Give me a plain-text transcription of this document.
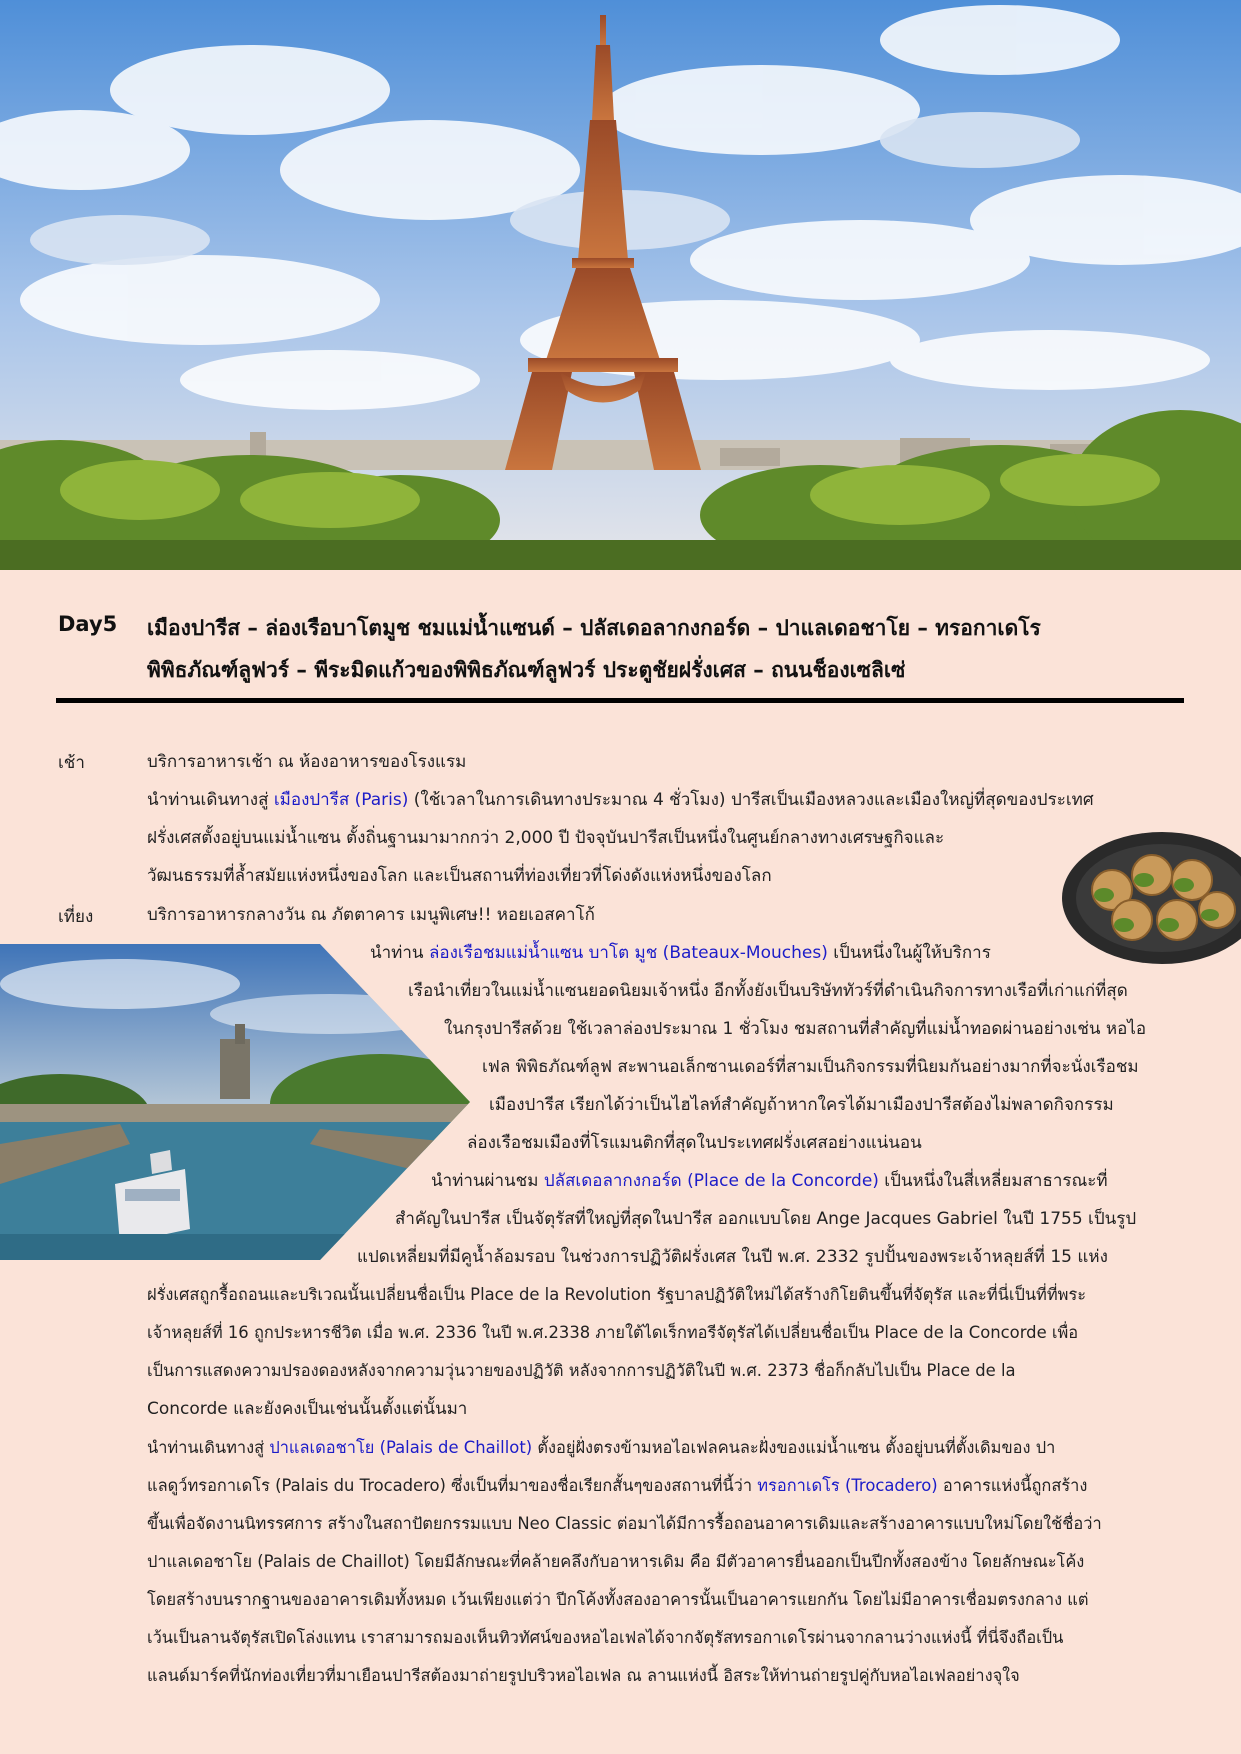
Day5 เมืองปารีส – ล่องเรือบาโตมูช ชมแม่น้ำแซนด์ – ปลัสเดอลากงกอร์ด – ปาแลเดอชาโย – ทรอกาเดโร
พิพิธภัณฑ์ลูฟวร์ – พีระมิดแก้วของพิพิธภัณฑ์ลูฟวร์ ประตูชัยฝรั่งเศส – ถนนช็องเซลิเซ่
เช้า	บริการอาหารเช้า ณ ห้องอาหารของโรงแรม
นำท่านเดินทางสู่ เมืองปารีส (Paris) (ใช้เวลาในการเดินทางประมาณ 4 ชั่วโมง) ปารีสเป็นเมืองหลวงและเมืองใหญ่ที่สุดของประเทศ
ฝรั่งเศสตั้งอยู่บนแม่น้ำแซน ตั้งถิ่นฐานมามากกว่า 2,000 ปี ปัจจุบันปารีสเป็นหนึ่งในศูนย์กลางทางเศรษฐกิจและ
วัฒนธรรมที่ล้ำสมัยแห่งหนึ่งของโลก และเป็นสถานที่ท่องเที่ยวที่โด่งดังแห่งหนึ่งของโลก
เที่ยง	บริการอาหารกลางวัน ณ ภัตตาคาร เมนูพิเศษ!! หอยเอสคาโก้
นำท่าน ล่องเรือชมแม่น้ำแซน บาโต มูช (Bateaux-Mouches) เป็นหนึ่งในผู้ให้บริการ
เรือนำเที่ยวในแม่น้ำแซนยอดนิยมเจ้าหนึ่ง อีกทั้งยังเป็นบริษัททัวร์ที่ดำเนินกิจการทางเรือที่เก่าแก่ที่สุด
ในกรุงปารีสด้วย ใช้เวลาล่องประมาณ 1 ชั่วโมง ชมสถานที่สำคัญที่แม่น้ำทอดผ่านอย่างเช่น หอไอ
เฟล พิพิธภัณฑ์ลูฟ สะพานอเล็กซานเดอร์ที่สามเป็นกิจกรรมที่นิยมกันอย่างมากที่จะนั่งเรือชม
เมืองปารีส เรียกได้ว่าเป็นไฮไลท์สำคัญถ้าหากใครได้มาเมืองปารีสต้องไม่พลาดกิจกรรม
ล่องเรือชมเมืองที่โรแมนติกที่สุดในประเทศฝรั่งเศสอย่างแน่นอน
นำท่านผ่านชม ปลัสเดอลากงกอร์ด (Place de la Concorde) เป็นหนึ่งในสี่เหลี่ยมสาธารณะที่
สำคัญในปารีส เป็นจัตุรัสที่ใหญ่ที่สุดในปารีส ออกแบบโดย Ange Jacques Gabriel ในปี 1755 เป็นรูป
แปดเหลี่ยมที่มีคูน้ำล้อมรอบ ในช่วงการปฏิวัติฝรั่งเศส ในปี พ.ศ. 2332 รูปปั้นของพระเจ้าหลุยส์ที่ 15 แห่ง
ฝรั่งเศสถูกรื้อถอนและบริเวณนั้นเปลี่ยนชื่อเป็น Place de la Revolution รัฐบาลปฏิวัติใหม่ได้สร้างกิโยตินขึ้นที่จัตุรัส และที่นี่เป็นที่ที่พระ
เจ้าหลุยส์ที่ 16 ถูกประหารชีวิต เมื่อ พ.ศ. 2336 ในปี พ.ศ.2338 ภายใต้ไดเร็กทอรีจัตุรัสได้เปลี่ยนชื่อเป็น Place de la Concorde เพื่อ
เป็นการแสดงความปรองดองหลังจากความวุ่นวายของปฏิวัติ หลังจากการปฏิวัติในปี พ.ศ. 2373 ชื่อก็กลับไปเป็น Place de la
Concorde และยังคงเป็นเช่นนั้นตั้งแต่นั้นมา
นำท่านเดินทางสู่ ปาแลเดอชาโย (Palais de Chaillot) ตั้งอยู่ฝั่งตรงข้ามหอไอเฟลคนละฝั่งของแม่น้ำแซน ตั้งอยู่บนที่ตั้งเดิมของ ปา
แลดูว์ทรอกาเดโร (Palais du Trocadero) ซึ่งเป็นที่มาของชื่อเรียกสั้นๆของสถานที่นี้ว่า ทรอกาเดโร (Trocadero) อาคารแห่งนี้ถูกสร้าง
ขึ้นเพื่อจัดงานนิทรรศการ สร้างในสถาปัตยกรรมแบบ Neo Classic ต่อมาได้มีการรื้อถอนอาคารเดิมและสร้างอาคารแบบใหม่โดยใช้ชื่อว่า
ปาแลเดอชาโย (Palais de Chaillot) โดยมีลักษณะที่คล้ายคลึงกับอาหารเดิม คือ มีตัวอาคารยื่นออกเป็นปีกทั้งสองข้าง โดยลักษณะโค้ง
โดยสร้างบนรากฐานของอาคารเดิมทั้งหมด เว้นเพียงแต่ว่า ปีกโค้งทั้งสองอาคารนั้นเป็นอาคารแยกกัน โดยไม่มีอาคารเชื่อมตรงกลาง แต่
เว้นเป็นลานจัตุรัสเปิดโล่งแทน เราสามารถมองเห็นทิวทัศน์ของหอไอเฟลได้จากจัตุรัสทรอกาเดโรผ่านจากลานว่างแห่งนี้ ที่นี่จึงถือเป็น
แลนด์มาร์คที่นักท่องเที่ยวที่มาเยือนปารีสต้องมาถ่ายรูปบริวหอไอเฟล ณ ลานแห่งนี้ อิสระให้ท่านถ่ายรูปคู่กับหอไอเฟลอย่างจุใจ
